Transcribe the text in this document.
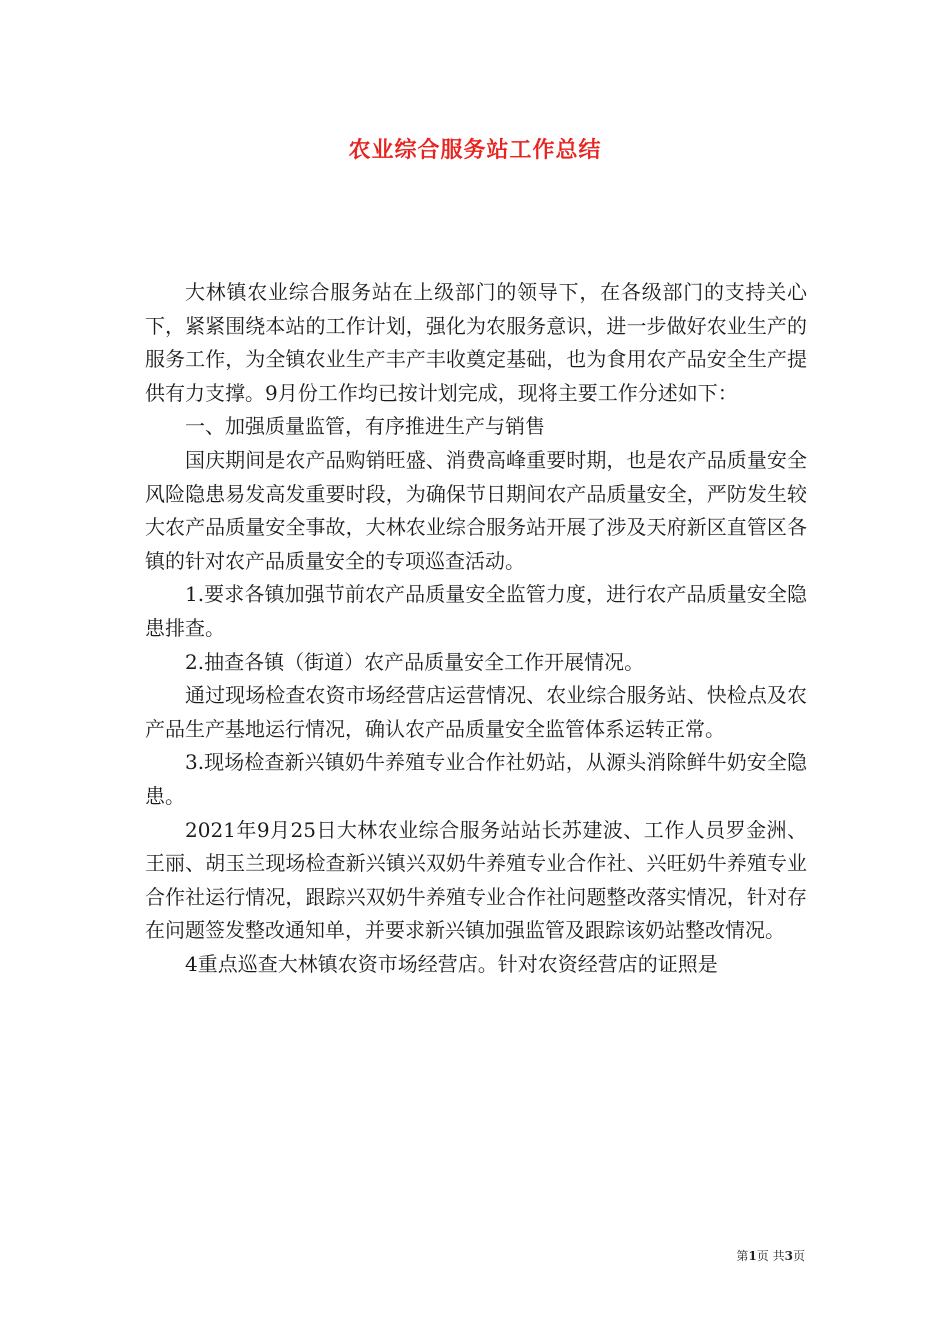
农业综合服务站工作总结

大林镇农业综合服务站在上级部门的领导下，在各级部门的支持关心下，紧紧围绕本站的工作计划，强化为农服务意识，进一步做好农业生产的服务工作，为全镇农业生产丰产丰收奠定基础，也为食用农产品安全生产提供有力支撑。9月份工作均已按计划完成，现将主要工作分述如下：

一、加强质量监管，有序推进生产与销售

国庆期间是农产品购销旺盛、消费高峰重要时期，也是农产品质量安全风险隐患易发高发重要时段，为确保节日期间农产品质量安全，严防发生较大农产品质量安全事故，大林农业综合服务站开展了涉及天府新区直管区各镇的针对农产品质量安全的专项巡查活动。

1.要求各镇加强节前农产品质量安全监管力度，进行农产品质量安全隐患排查。

2.抽查各镇（街道）农产品质量安全工作开展情况。

通过现场检查农资市场经营店运营情况、农业综合服务站、快检点及农产品生产基地运行情况，确认农产品质量安全监管体系运转正常。

3.现场检查新兴镇奶牛养殖专业合作社奶站，从源头消除鲜牛奶安全隐患。

2021年9月25日大林农业综合服务站站长苏建波、工作人员罗金洲、王丽、胡玉兰现场检查新兴镇兴双奶牛养殖专业合作社、兴旺奶牛养殖专业合作社运行情况，跟踪兴双奶牛养殖专业合作社问题整改落实情况，针对存在问题签发整改通知单，并要求新兴镇加强监管及跟踪该奶站整改情况。

4重点巡查大林镇农资市场经营店。针对农资经营店的证照是

第1页 共3页
